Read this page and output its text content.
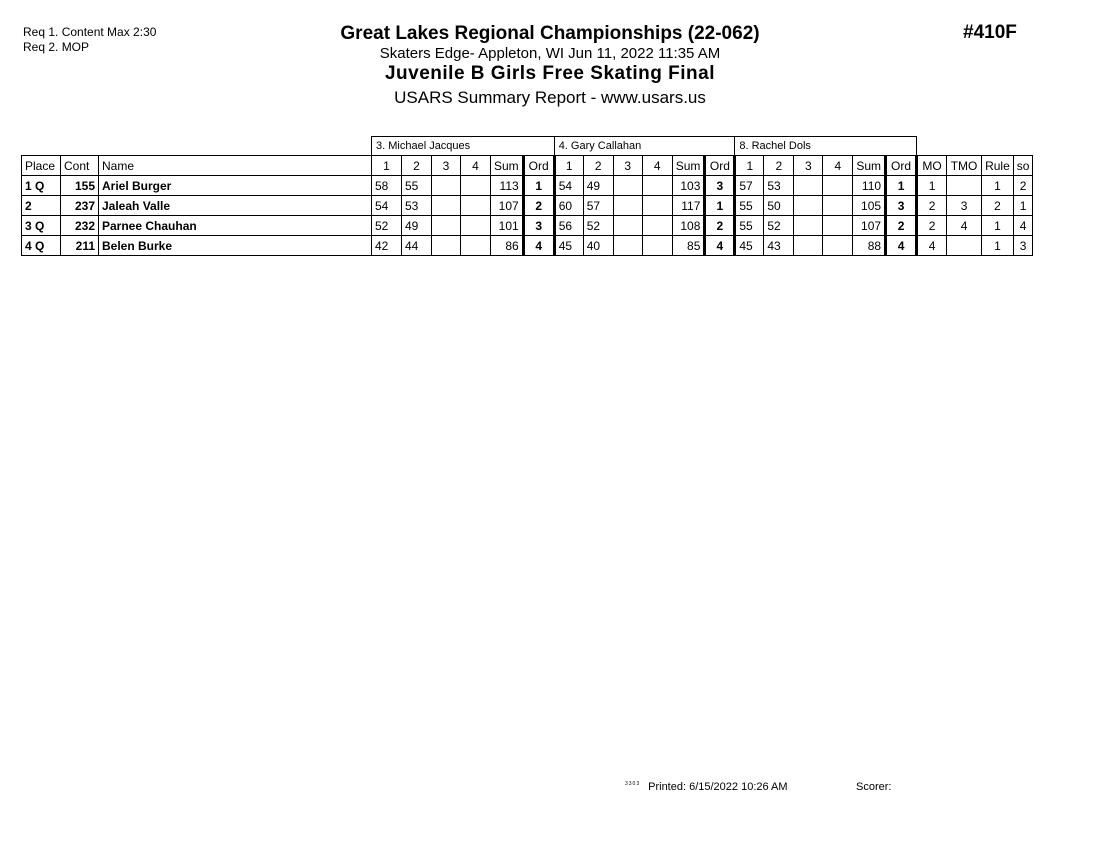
Req 1. Content Max 2:30
Req 2. MOP
#410F
Great Lakes Regional Championships (22-062)
Skaters Edge- Appleton, WI Jun 11, 2022 11:35 AM
Juvenile B Girls Free Skating Final
USARS Summary Report - www.usars.us
			3. Michael Jacques						4. Gary Callahan						8. Rachel Dols									
Place	Cont	Name	1	2	3	4	Sum	Ord	1	2	3	4	Sum	Ord	1	2	3	4	Sum	Ord	MO	TMO	Rule	so
1 Q	155	Ariel Burger	58	55			113	1	54	49			103	3	57	53			110	1	1		1	2
2	237	Jaleah Valle	54	53			107	2	60	57			117	1	55	50			105	3	2	3	2	1
3 Q	232	Parnee Chauhan	52	49			101	3	56	52			108	2	55	52			107	2	2	4	1	4
4 Q	211	Belen Burke	42	44			86	4	45	40			85	4	45	43			88	4	4		1	3
$^{3303}$ Printed: 6/15/2022 10:26 AM	Scorer:
